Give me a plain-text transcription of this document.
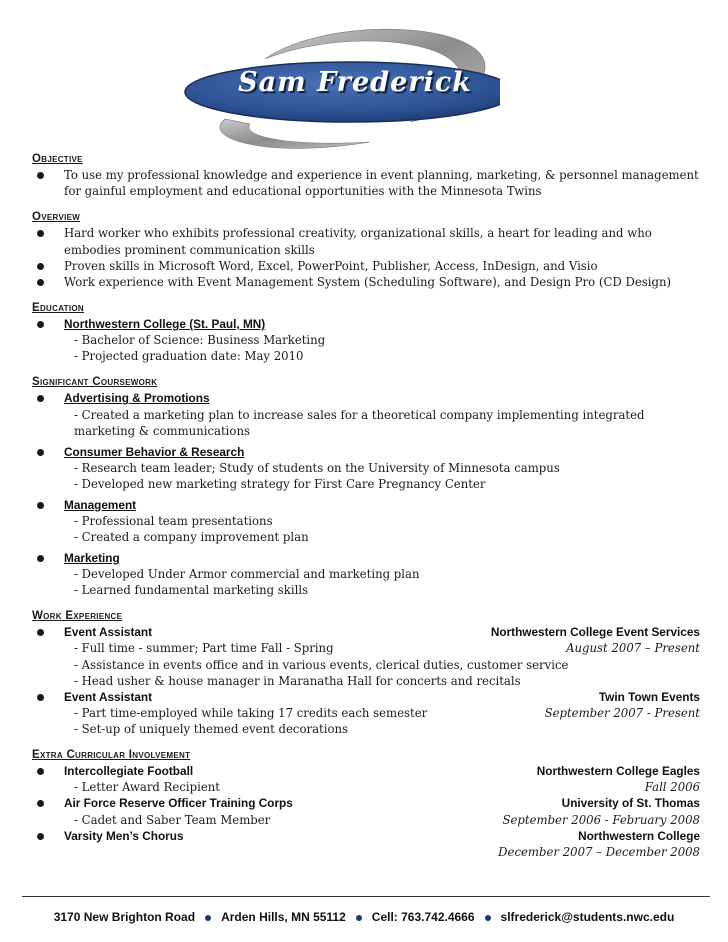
Sam Frederick
Objective
To use my professional knowledge and experience in event planning, marketing, & personnel management for gainful employment and educational opportunities with the Minnesota Twins
Overview
Hard worker who exhibits professional creativity, organizational skills, a heart for leading and who embodies prominent communication skills
Proven skills in Microsoft Word, Excel, PowerPoint, Publisher, Access, InDesign, and Visio
Work experience with Event Management System (Scheduling Software), and Design Pro (CD Design)
Education
Northwestern College (St. Paul, MN)
- Bachelor of Science: Business Marketing
- Projected graduation date: May 2010
Significant Coursework
Advertising & Promotions
- Created a marketing plan to increase sales for a theoretical company implementing integrated marketing & communications
Consumer Behavior & Research
- Research team leader; Study of students on the University of Minnesota campus
- Developed new marketing strategy for First Care Pregnancy Center
Management
- Professional team presentations
- Created a company improvement plan
Marketing
- Developed Under Armor commercial and marketing plan
- Learned fundamental marketing skills
Work Experience
Event Assistant	Northwestern College Event Services
- Full time - summer; Part time Fall - Spring	August 2007 – Present
- Assistance in events office and in various events, clerical duties, customer service
- Head usher & house manager in Maranatha Hall for concerts and recitals
Event Assistant	Twin Town Events
- Part time-employed while taking 17 credits each semester	September 2007 - Present
- Set-up of uniquely themed event decorations
Extra Curricular Involvement
Intercollegiate Football	Northwestern College Eagles
- Letter Award Recipient	Fall 2006
Air Force Reserve Officer Training Corps	University of St. Thomas
- Cadet and Saber Team Member	September 2006 - February 2008
Varsity Men’s Chorus	Northwestern College
December 2007 – December 2008
3170 New Brighton Road Arden Hills, MN 55112 Cell: 763.742.4666 slfrederick@students.nwc.edu
